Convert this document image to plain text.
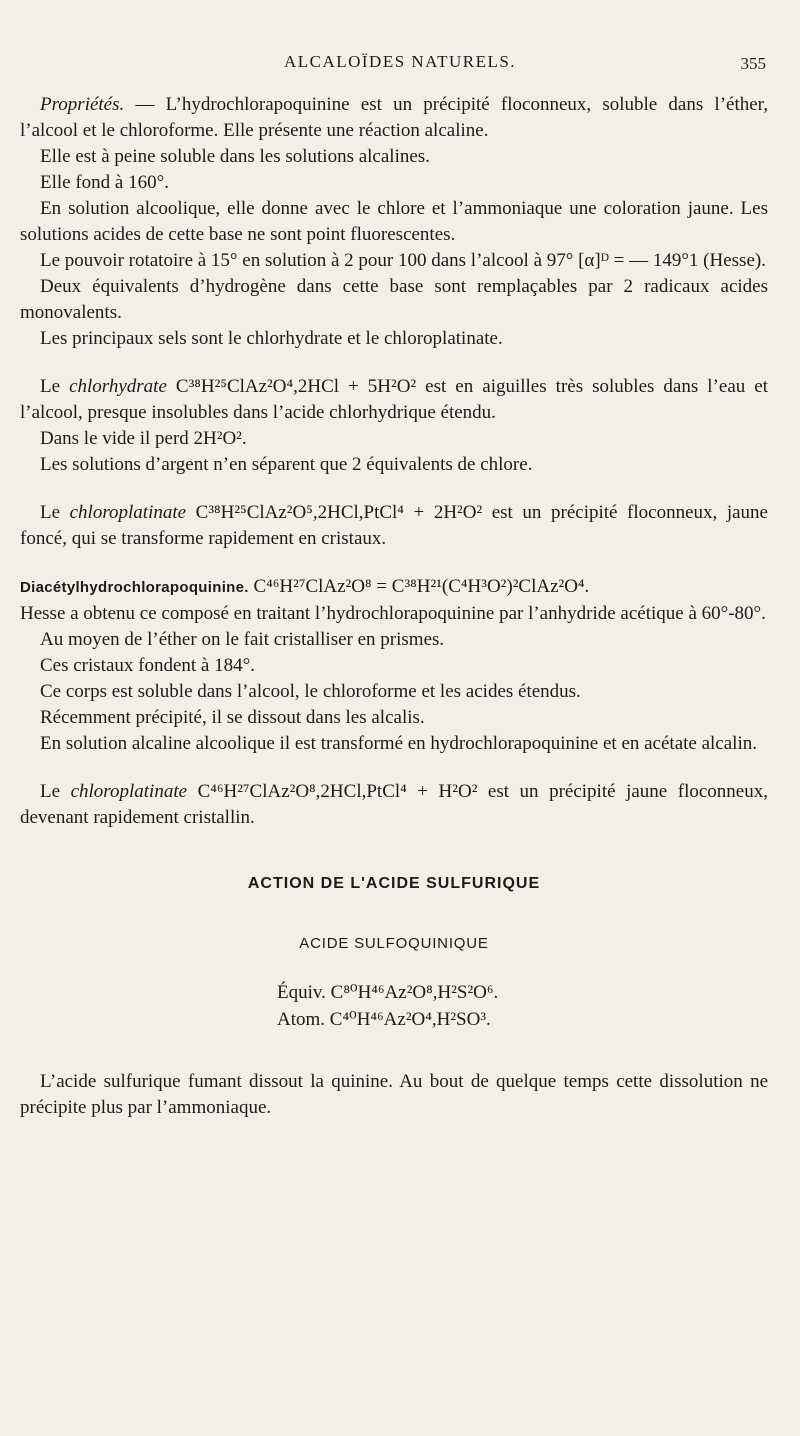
ALCALOÏDES NATURELS.	355

Propriétés. — L’hydrochlorapoquinine est un précipité floconneux, soluble dans l’éther, l’alcool et le chloroforme. Elle présente une réaction alcaline.

Elle est à peine soluble dans les solutions alcalines.

Elle fond à 160°.

En solution alcoolique, elle donne avec le chlore et l’ammoniaque une coloration jaune. Les solutions acides de cette base ne sont point fluorescentes.

Le pouvoir rotatoire à 15° en solution à 2 pour 100 dans l’alcool à 97° [α]ᴰ = — 149°1 (Hesse).

Deux équivalents d’hydrogène dans cette base sont remplaçables par 2 radicaux acides monovalents.

Les principaux sels sont le chlorhydrate et le chloroplatinate.

Le chlorhydrate C³⁸H²⁵ClAz²O⁴,2HCl + 5H²O² est en aiguilles très solubles dans l’eau et l’alcool, presque insolubles dans l’acide chlorhydrique étendu.

Dans le vide il perd 2H²O².

Les solutions d’argent n’en séparent que 2 équivalents de chlore.

Le chloroplatinate C³⁸H²⁵ClAz²O⁵,2HCl,PtCl⁴ + 2H²O² est un précipité floconneux, jaune foncé, qui se transforme rapidement en cristaux.

Diacétylhydrochlorapoquinine. C⁴⁶H²⁷ClAz²O⁸ = C³⁸H²¹(C⁴H³O²)²ClAz²O⁴.

Hesse a obtenu ce composé en traitant l’hydrochlorapoquinine par l’anhydride acétique à 60°-80°.

Au moyen de l’éther on le fait cristalliser en prismes.

Ces cristaux fondent à 184°.

Ce corps est soluble dans l’alcool, le chloroforme et les acides étendus.

Récemment précipité, il se dissout dans les alcalis.

En solution alcaline alcoolique il est transformé en hydrochlorapoquinine et en acétate alcalin.

Le chloroplatinate C⁴⁶H²⁷ClAz²O⁸,2HCl,PtCl⁴ + H²O² est un précipité jaune floconneux, devenant rapidement cristallin.

ACTION DE L'ACIDE SULFURIQUE

ACIDE SULFOQUINIQUE

Équiv. C⁸⁰H⁴⁶Az²O⁸,H²S²O⁶.
Atom. C⁴⁰H⁴⁶Az²O⁴,H²SO³.

L’acide sulfurique fumant dissout la quinine. Au bout de quelque temps cette dissolution ne précipite plus par l’ammoniaque.
